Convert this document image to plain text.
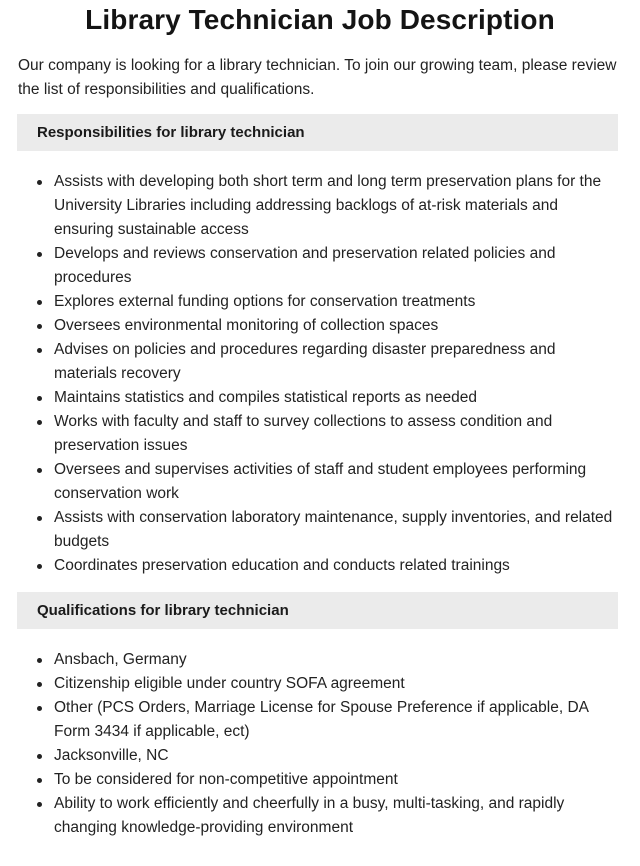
Library Technician Job Description

Our company is looking for a library technician. To join our growing team, please review the list of responsibilities and qualifications.

Responsibilities for library technician
Assists with developing both short term and long term preservation plans for the University Libraries including addressing backlogs of at-risk materials and ensuring sustainable access
Develops and reviews conservation and preservation related policies and procedures
Explores external funding options for conservation treatments
Oversees environmental monitoring of collection spaces
Advises on policies and procedures regarding disaster preparedness and materials recovery
Maintains statistics and compiles statistical reports as needed
Works with faculty and staff to survey collections to assess condition and preservation issues
Oversees and supervises activities of staff and student employees performing conservation work
Assists with conservation laboratory maintenance, supply inventories, and related budgets
Coordinates preservation education and conducts related trainings
Qualifications for library technician
Ansbach, Germany
Citizenship eligible under country SOFA agreement
Other (PCS Orders, Marriage License for Spouse Preference if applicable, DA Form 3434 if applicable, ect)
Jacksonville, NC
To be considered for non-competitive appointment
Ability to work efficiently and cheerfully in a busy, multi-tasking, and rapidly changing knowledge-providing environment
